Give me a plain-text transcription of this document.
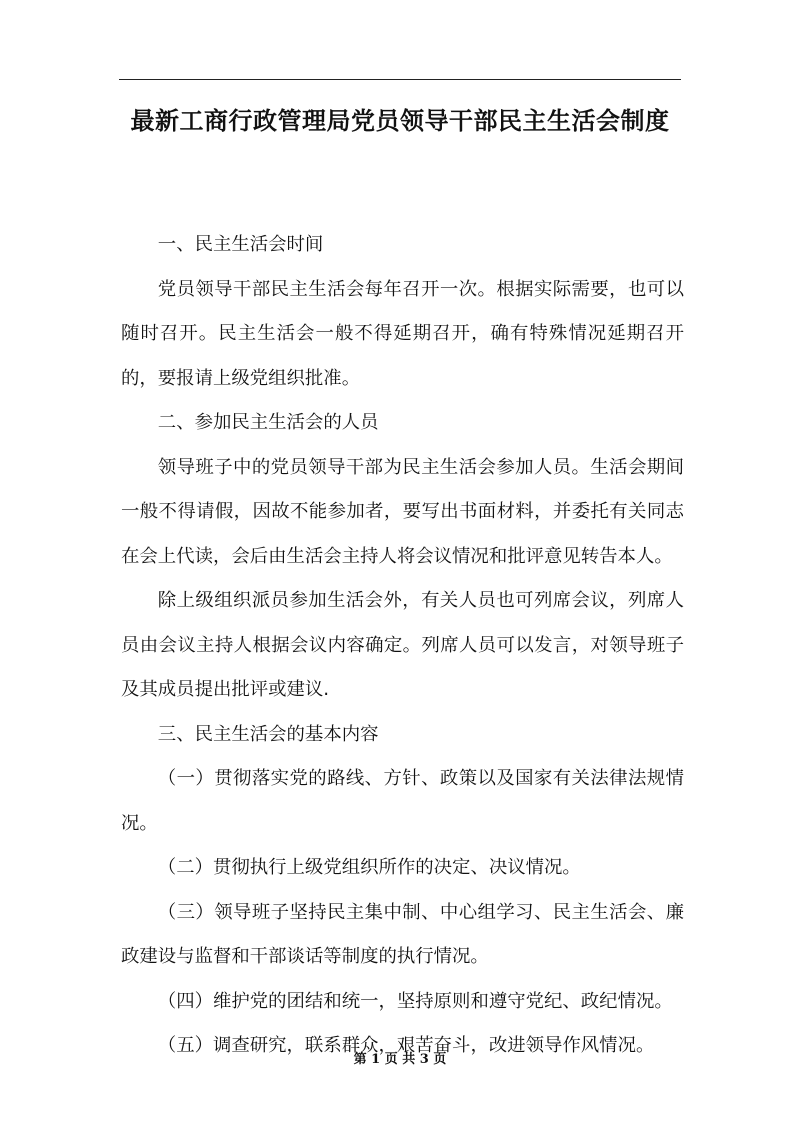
最新工商行政管理局党员领导干部民主生活会制度

一、民主生活会时间

党员领导干部民主生活会每年召开一次。根据实际需要，也可以随时召开。民主生活会一般不得延期召开，确有特殊情况延期召开的，要报请上级党组织批准。

二、参加民主生活会的人员

领导班子中的党员领导干部为民主生活会参加人员。生活会期间一般不得请假，因故不能参加者，要写出书面材料，并委托有关同志在会上代读，会后由生活会主持人将会议情况和批评意见转告本人。

除上级组织派员参加生活会外，有关人员也可列席会议，列席人员由会议主持人根据会议内容确定。列席人员可以发言，对领导班子及其成员提出批评或建议.

三、民主生活会的基本内容

（一）贯彻落实党的路线、方针、政策以及国家有关法律法规情况。

（二）贯彻执行上级党组织所作的决定、决议情况。

（三）领导班子坚持民主集中制、中心组学习、民主生活会、廉政建设与监督和干部谈话等制度的执行情况。

（四）维护党的团结和统一，坚持原则和遵守党纪、政纪情况。

（五）调查研究，联系群众，艰苦奋斗，改进领导作风情况。

第 1 页 共 3 页
